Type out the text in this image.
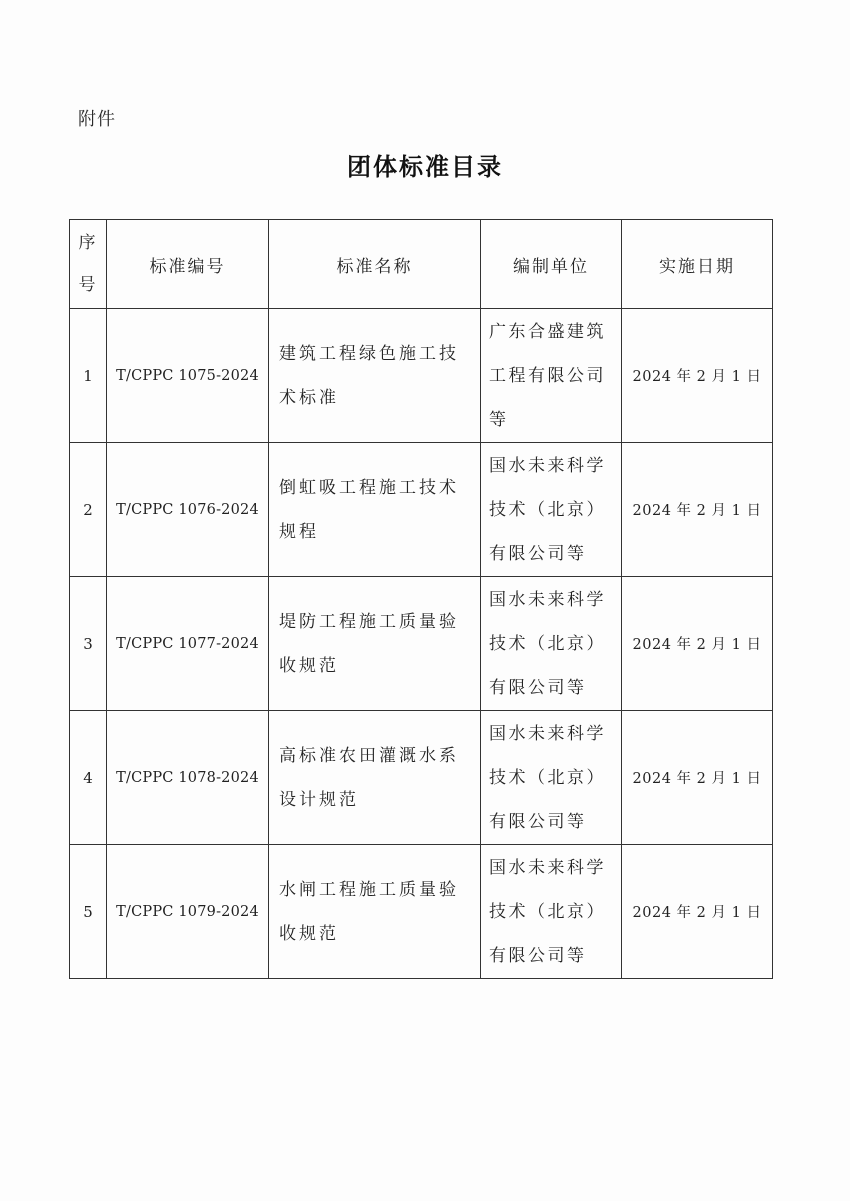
附件
团体标准目录
序号	标准编号	标准名称	编制单位	实施日期
1	T/CPPC 1075-2024	建筑工程绿色施工技术标准	广东合盛建筑工程有限公司等	2024 年 2 月 1 日
2	T/CPPC 1076-2024	倒虹吸工程施工技术规程	国水未来科学技术（北京）有限公司等	2024 年 2 月 1 日
3	T/CPPC 1077-2024	堤防工程施工质量验收规范	国水未来科学技术（北京）有限公司等	2024 年 2 月 1 日
4	T/CPPC 1078-2024	高标准农田灌溉水系设计规范	国水未来科学技术（北京）有限公司等	2024 年 2 月 1 日
5	T/CPPC 1079-2024	水闸工程施工质量验收规范	国水未来科学技术（北京）有限公司等	2024 年 2 月 1 日
